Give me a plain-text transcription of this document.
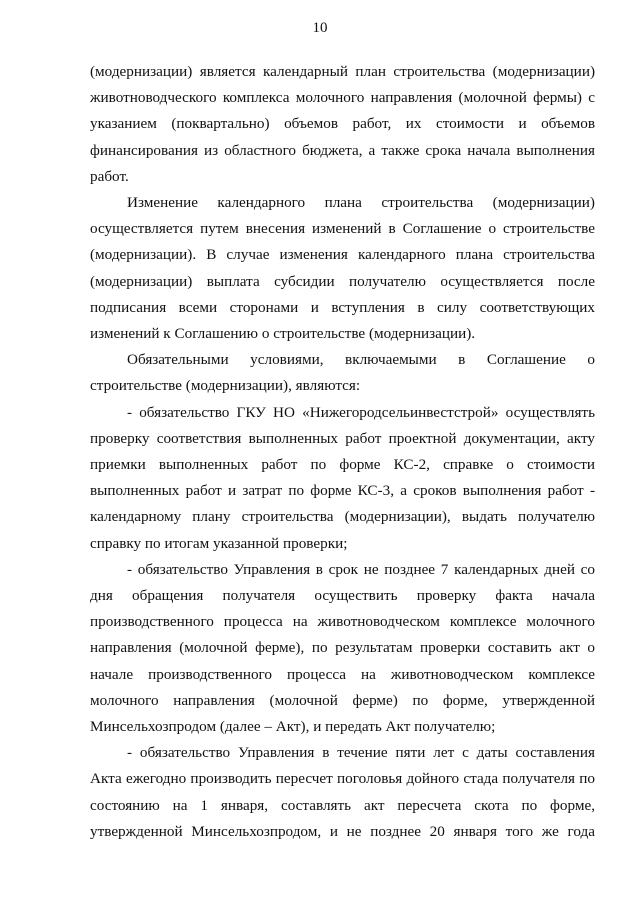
10

(модернизации) является календарный план строительства (модернизации)
животноводческого комплекса молочного направления (молочной фермы) с
указанием (поквартально) объемов работ, их стоимости и объемов
финансирования из областного бюджета, а также срока начала выполнения
работ.

Изменение календарного плана строительства (модернизации)
осуществляется путем внесения изменений в Соглашение о строительстве
(модернизации). В случае изменения календарного плана строительства
(модернизации) выплата субсидии получателю осуществляется после
подписания всеми сторонами и вступления в силу соответствующих
изменений к Соглашению о строительстве (модернизации).

Обязательными условиями, включаемыми в Соглашение о
строительстве (модернизации), являются:

- обязательство ГКУ НО «Нижегородсельинвестстрой» осуществлять
проверку соответствия выполненных работ проектной документации, акту
приемки выполненных работ по форме КС-2, справке о стоимости
выполненных работ и затрат по форме КС-3, а сроков выполнения работ -
календарному плану строительства (модернизации), выдать получателю
справку по итогам указанной проверки;

- обязательство Управления в срок не позднее 7 календарных дней со
дня обращения получателя осуществить проверку факта начала
производственного процесса на животноводческом комплексе молочного
направления (молочной ферме), по результатам проверки составить акт о
начале производственного процесса на животноводческом комплексе
молочного направления (молочной ферме) по форме, утвержденной
Минсельхозпродом (далее – Акт), и передать Акт получателю;

- обязательство Управления в течение пяти лет с даты составления
Акта ежегодно производить пересчет поголовья дойного стада получателя по
состоянию на 1 января, составлять акт пересчета скота по форме,
утвержденной Минсельхозпродом, и не позднее 20 января того же года
